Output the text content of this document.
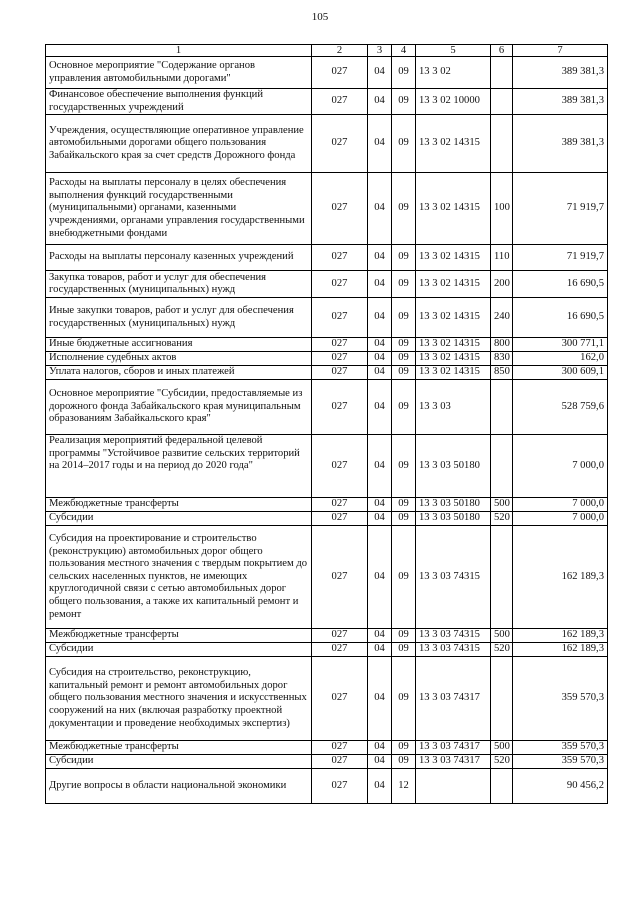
105
1	2	3	4	5	6	7
Основное мероприятие "Содержание органов управления автомобильными дорогами"	027	04	09	13 3 02		389 381,3
Финансовое обеспечение выполнения функций государственных учреждений	027	04	09	13 3 02 10000		389 381,3
Учреждения, осуществляющие оперативное управление автомобильными дорогами общего пользования Забайкальского края за счет средств Дорожного фонда	027	04	09	13 3 02 14315		389 381,3
Расходы на выплаты персоналу в целях обеспечения выполнения функций государственными (муниципальными) органами, казенными учреждениями, органами управления государственными внебюджетными фондами	027	04	09	13 3 02 14315	100	71 919,7
Расходы на выплаты персоналу казенных учреждений	027	04	09	13 3 02 14315	110	71 919,7
Закупка товаров, работ и услуг для обеспечения государственных (муниципальных) нужд	027	04	09	13 3 02 14315	200	16 690,5
Иные закупки товаров, работ и услуг для обеспечения государственных (муниципальных) нужд	027	04	09	13 3 02 14315	240	16 690,5
Иные бюджетные ассигнования	027	04	09	13 3 02 14315	800	300 771,1
Исполнение судебных актов	027	04	09	13 3 02 14315	830	162,0
Уплата налогов, сборов и иных платежей	027	04	09	13 3 02 14315	850	300 609,1
Основное мероприятие "Субсидии, предоставляемые из дорожного фонда Забайкальского края муниципальным образованиям Забайкальского края"	027	04	09	13 3 03		528 759,6
Реализация мероприятий федеральной целевой программы "Устойчивое развитие сельских территорий на 2014–2017 годы и на период до 2020 года"	027	04	09	13 3 03 50180		7 000,0
Межбюджетные трансферты	027	04	09	13 3 03 50180	500	7 000,0
Субсидии	027	04	09	13 3 03 50180	520	7 000,0
Субсидия на проектирование и строительство (реконструкцию) автомобильных дорог общего пользования местного значения с твердым покрытием до сельских населенных пунктов, не имеющих круглогодичной связи с сетью автомобильных дорог общего пользования, а также их капитальный ремонт и ремонт	027	04	09	13 3 03 74315		162 189,3
Межбюджетные трансферты	027	04	09	13 3 03 74315	500	162 189,3
Субсидии	027	04	09	13 3 03 74315	520	162 189,3
Субсидия на строительство, реконструкцию, капитальный ремонт и ремонт автомобильных дорог общего пользования местного значения и искусственных сооружений на них (включая разработку проектной документации и проведение необходимых экспертиз)	027	04	09	13 3 03 74317		359 570,3
Межбюджетные трансферты	027	04	09	13 3 03 74317	500	359 570,3
Субсидии	027	04	09	13 3 03 74317	520	359 570,3
Другие вопросы в области национальной экономики	027	04	12			90 456,2
